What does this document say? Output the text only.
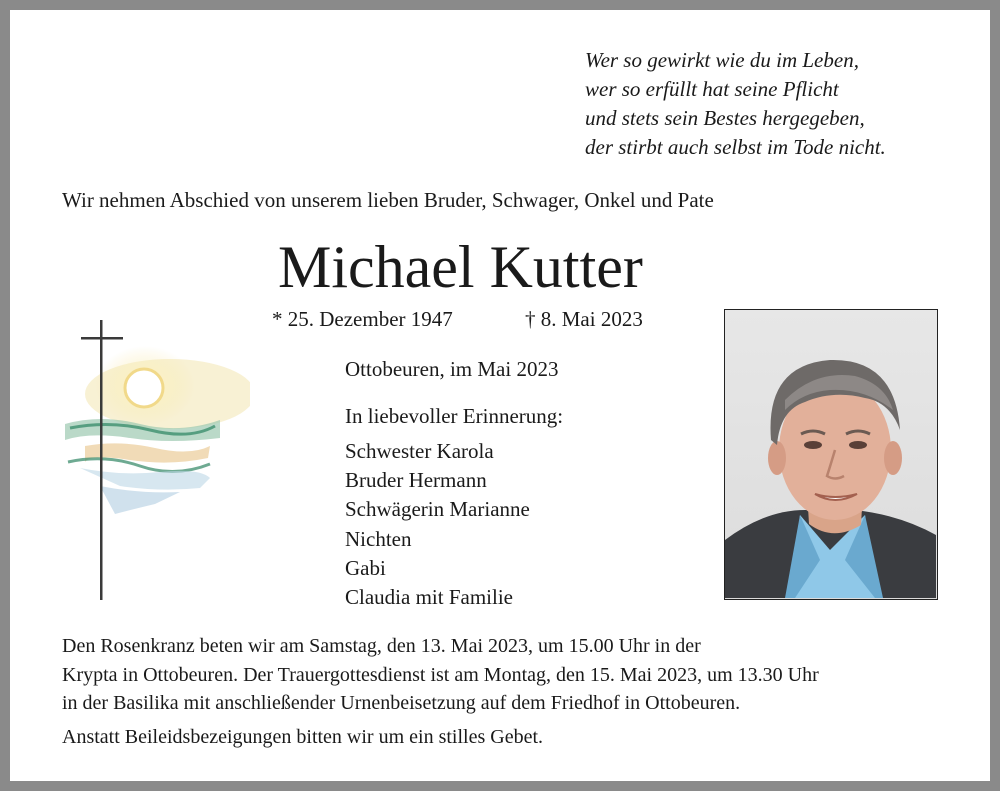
Wer so gewirkt wie du im Leben,
wer so erfüllt hat seine Pflicht
und stets sein Bestes hergegeben,
der stirbt auch selbst im Tode nicht.
Wir nehmen Abschied von unserem lieben Bruder, Schwager, Onkel und Pate
Michael Kutter
* 25. Dezember 1947	† 8. Mai 2023
Ottobeuren, im Mai 2023
In liebevoller Erinnerung:
Schwester Karola
Bruder Hermann
Schwägerin Marianne
Nichten
Gabi
Claudia mit Familie
Den Rosenkranz beten wir am Samstag, den 13. Mai 2023, um 15.00 Uhr in der
Krypta in Ottobeuren. Der Trauergottesdienst ist am Montag, den 15. Mai 2023, um 13.30 Uhr
in der Basilika mit anschließender Urnenbeisetzung auf dem Friedhof in Ottobeuren.
Anstatt Beileidsbezeigungen bitten wir um ein stilles Gebet.
